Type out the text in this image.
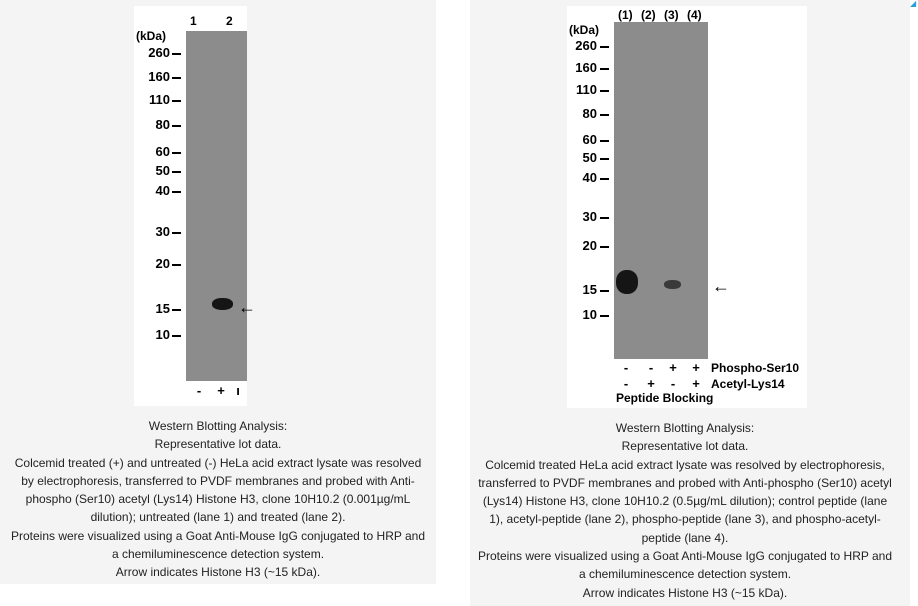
1 2
(kDa)
←
260
160
110
80
60
50
40
30
20
15
10
-	+ ı
Western Blotting Analysis:
Representative lot data.
Colcemid treated (+) and untreated (-) HeLa acid extract lysate was resolved
by electrophoresis, transferred to PVDF membranes and probed with Anti-
phospho (Ser10) acetyl (Lys14) Histone H3, clone 10H10.2 (0.001µg/mL
dilution); untreated (lane 1) and treated (lane 2).
Proteins were visualized using a Goat Anti-Mouse IgG conjugated to HRP and
a chemiluminescence detection system.
Arrow indicates Histone H3 (~15 kDa).
(1) (2) (3) (4)
(kDa)
←
260
160
110
80
60
50
40
30
20
15
10
-	-	+ + Phospho-Ser10
-	+	-	+ Acetyl-Lys14
Peptide Blocking
Western Blotting Analysis:
Representative lot data.
Colcemid treated HeLa acid extract lysate was resolved by electrophoresis,
transferred to PVDF membranes and probed with Anti-phospho (Ser10) acetyl
(Lys14) Histone H3, clone 10H10.2 (0.5µg/mL dilution); control peptide (lane
1), acetyl-peptide (lane 2), phospho-peptide (lane 3), and phospho-acetyl-
peptide (lane 4).
Proteins were visualized using a Goat Anti-Mouse IgG conjugated to HRP and
a chemiluminescence detection system.
Arrow indicates Histone H3 (~15 kDa).
◢
